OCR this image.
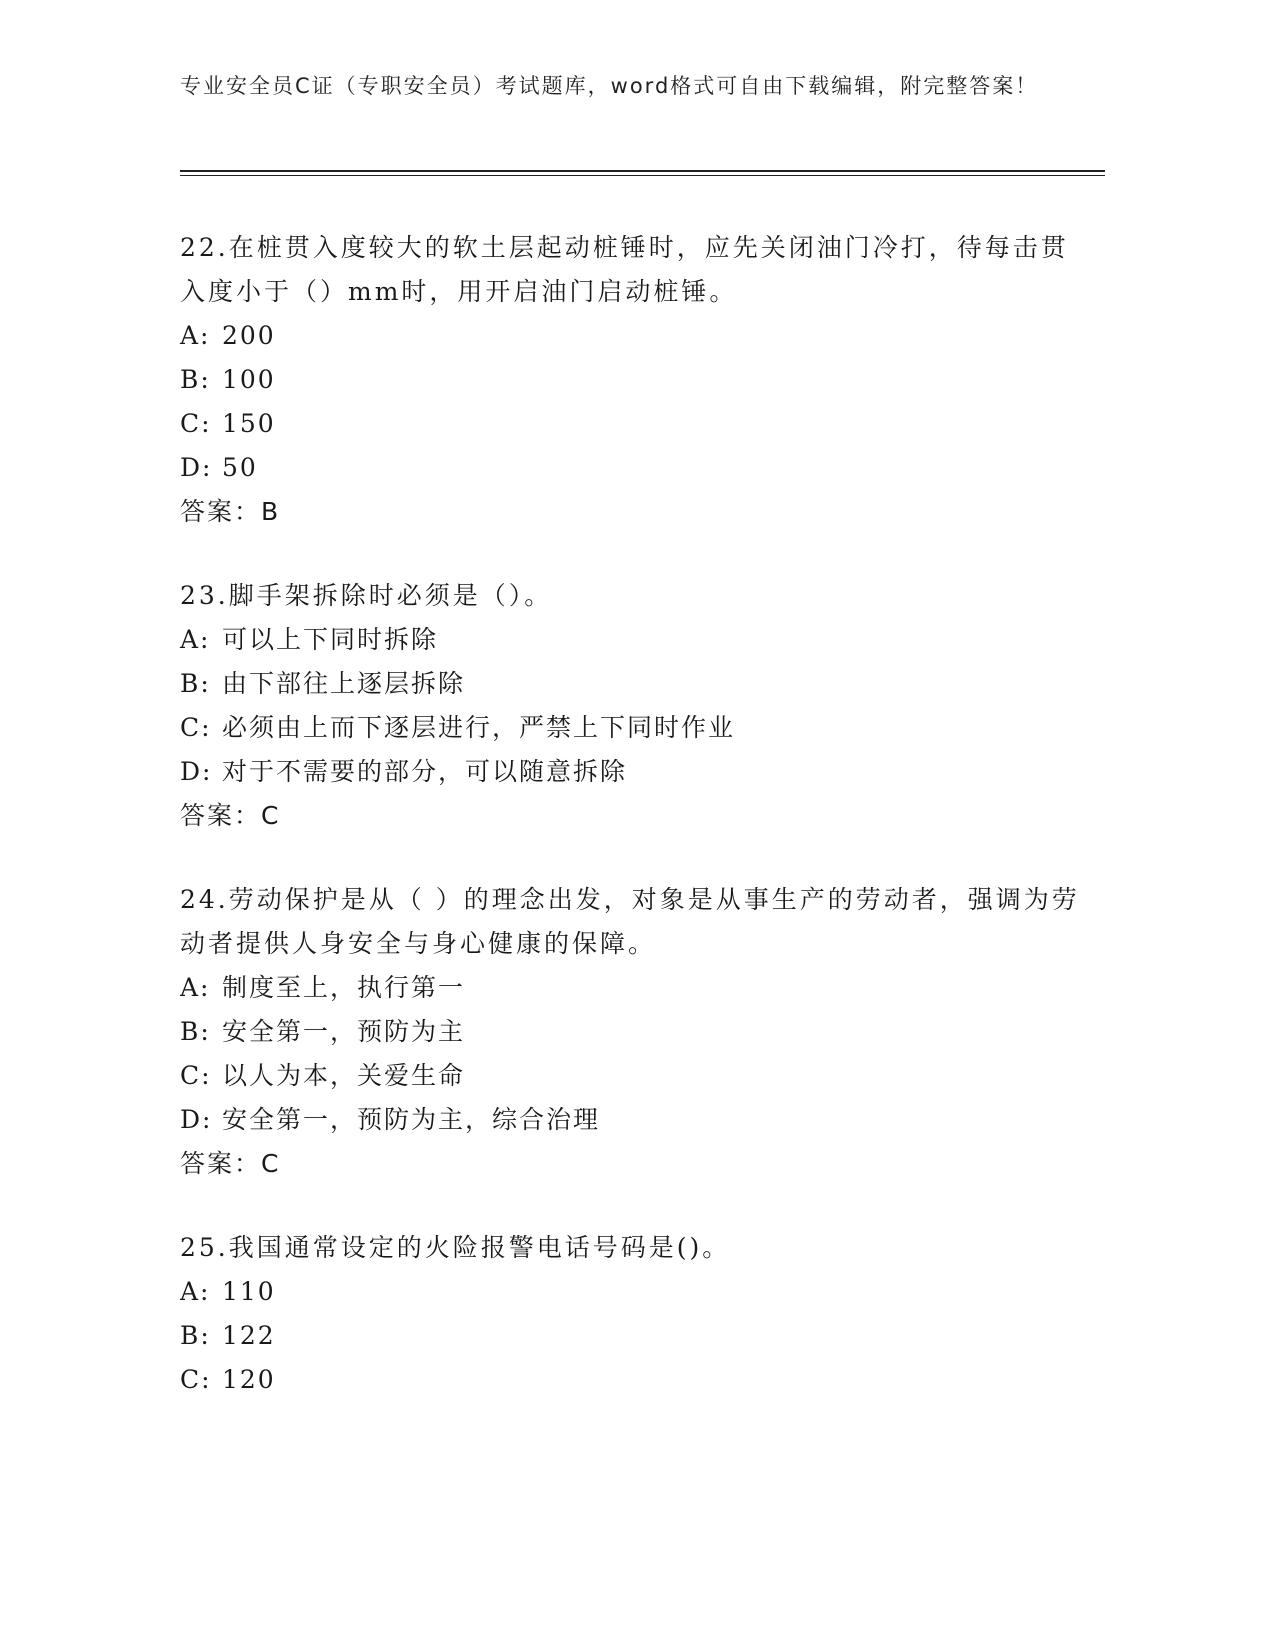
专业安全员C证（专职安全员）考试题库，word格式可自由下载编辑，附完整答案！

22.在桩贯入度较大的软土层起动桩锤时，应先关闭油门冷打，待每击贯入度小于（）mm时，用开启油门启动桩锤。

A: 200

B: 100

C: 150

D: 50

答案：B

23.脚手架拆除时必须是（）。

A: 可以上下同时拆除

B: 由下部往上逐层拆除

C: 必须由上而下逐层进行，严禁上下同时作业

D: 对于不需要的部分，可以随意拆除

答案：C

24.劳动保护是从（ ）的理念出发，对象是从事生产的劳动者，强调为劳动者提供人身安全与身心健康的保障。

A: 制度至上，执行第一

B: 安全第一，预防为主

C: 以人为本，关爱生命

D: 安全第一，预防为主，综合治理

答案：C

25.我国通常设定的火险报警电话号码是()。

A: 110

B: 122

C: 120
